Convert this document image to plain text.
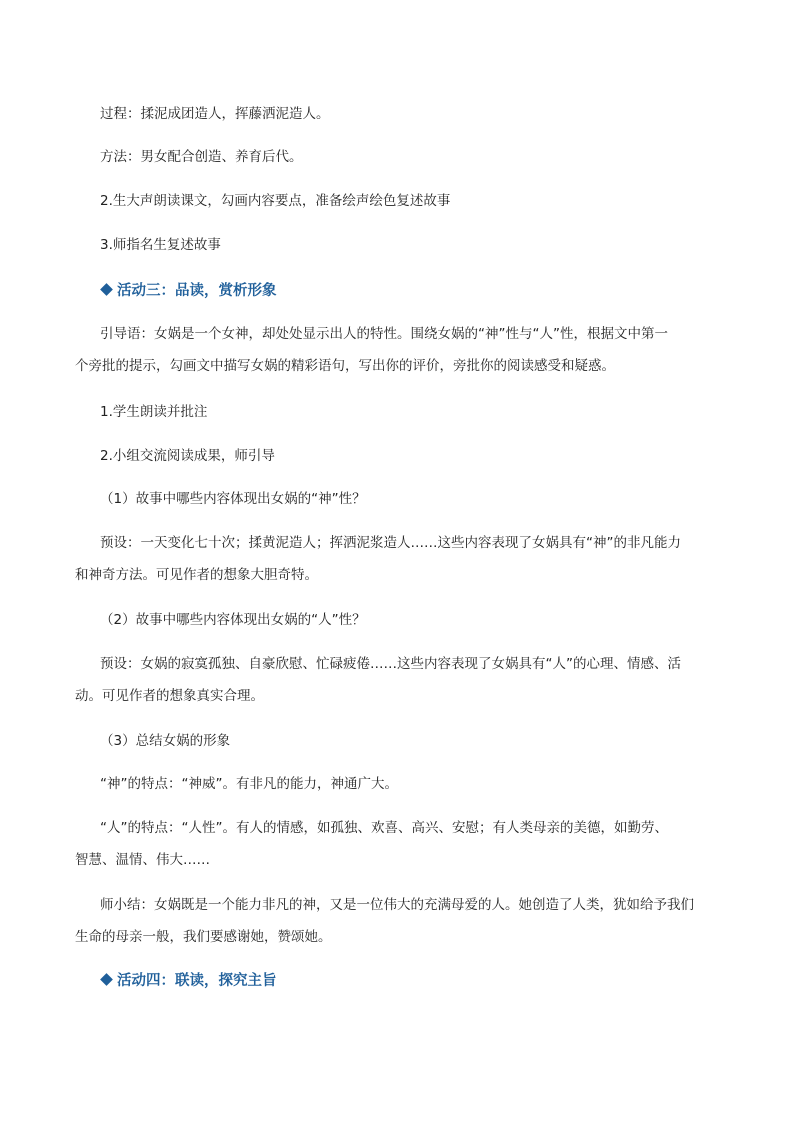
过程：揉泥成团造人，挥藤洒泥造人。
方法：男女配合创造、养育后代。
2.生大声朗读课文，勾画内容要点，准备绘声绘色复述故事
3.师指名生复述故事
活动三：品读，赏析形象
引导语：女娲是一个女神，却处处显示出人的特性。围绕女娲的“神”性与“人”性，根据文中第一
个旁批的提示，勾画文中描写女娲的精彩语句，写出你的评价，旁批你的阅读感受和疑惑。
1.学生朗读并批注
2.小组交流阅读成果，师引导
（1）故事中哪些内容体现出女娲的“神”性？
预设：一天变化七十次；揉黄泥造人；挥洒泥浆造人……这些内容表现了女娲具有“神”的非凡能力
和神奇方法。可见作者的想象大胆奇特。
（2）故事中哪些内容体现出女娲的“人”性？
预设：女娲的寂寞孤独、自豪欣慰、忙碌疲倦……这些内容表现了女娲具有“人”的心理、情感、活
动。可见作者的想象真实合理。
（3）总结女娲的形象
“神”的特点：“神威”。有非凡的能力，神通广大。
“人”的特点：“人性”。有人的情感，如孤独、欢喜、高兴、安慰；有人类母亲的美德，如勤劳、
智慧、温情、伟大……
师小结：女娲既是一个能力非凡的神，又是一位伟大的充满母爱的人。她创造了人类，犹如给予我们
生命的母亲一般，我们要感谢她，赞颂她。
活动四：联读，探究主旨
